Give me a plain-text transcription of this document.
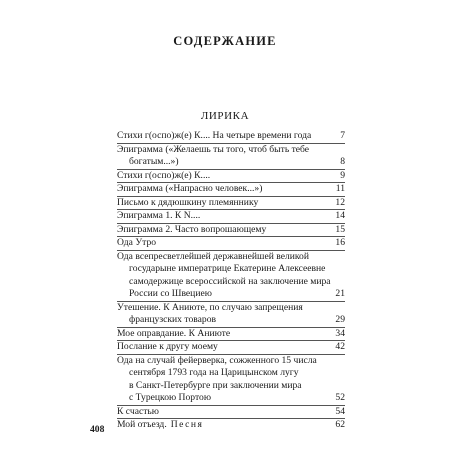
СОДЕРЖАНИЕ
ЛИРИКА
Стихи г(оспо)ж(е) К.... На четыре времени года	7
Эпиграмма («Желаешь ты того, чтоб быть тебе
богатым...»)	8
Стихи г(оспо)ж(е) К....	9
Эпиграмма («Напрасно человек...»)	11
Письмо к дядюшкину племяннику	12
Эпиграмма 1. К N....	14
Эпиграмма 2. Часто вопрошающему	15
Ода Утро	16
Ода всепресветлейшей державнейшей великой
государыне императрице Екатерине Алексеевне
самодержице всероссийской на заключение мира
России со Швециею	21
Утешение. К Аниюте, по случаю запрещения
французских товаров	29
Мое оправдание. К Аниюте	34
Послание к другу моему	42
Ода на случай фейерверка, сожженного 15 числа
сентября 1793 года на Царицынском лугу
в Санкт-Петербурге при заключении мира
с Турецкою Портою	52
К счастью	54
Мой отъезд. Песня	62
408
